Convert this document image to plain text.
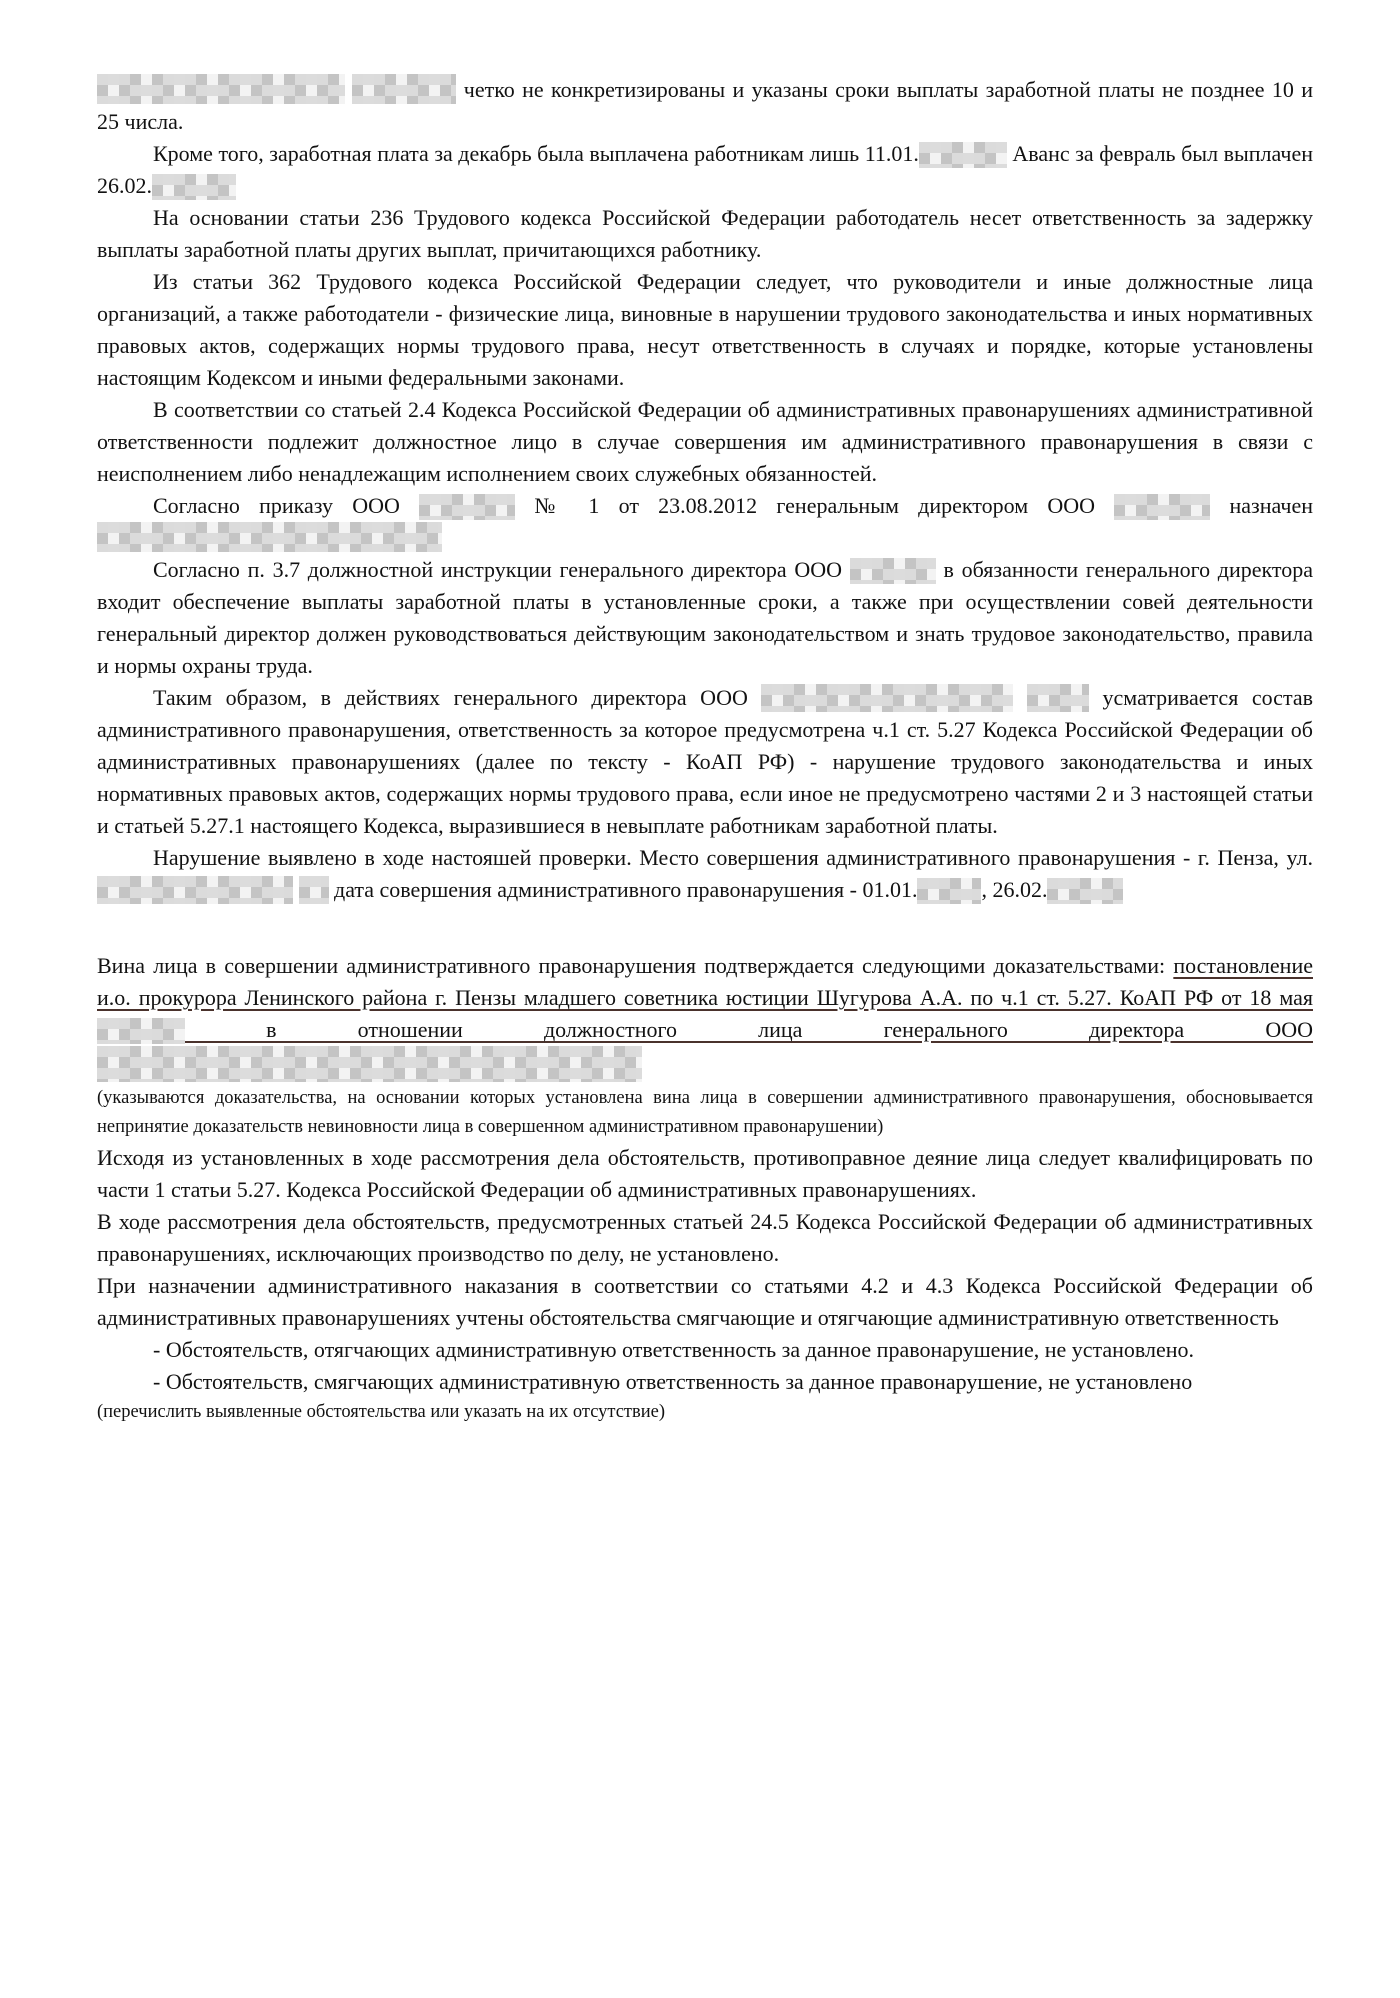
четко не конкретизированы и указаны сроки выплаты заработной платы не позднее 10 и 25 числа.

Кроме того, заработная плата за декабрь была выплачена работникам лишь 11.01.	Аванс за февраль был выплачен 26.02.

На основании статьи 236 Трудового кодекса Российской Федерации работодатель несет ответственность за задержку выплаты заработной платы других выплат, причитающихся работнику.

Из статьи 362 Трудового кодекса Российской Федерации следует, что руководители и иные должностные лица организаций, а также работодатели - физические лица, виновные в нарушении трудового законодательства и иных нормативных правовых актов, содержащих нормы трудового права, несут ответственность в случаях и порядке, которые установлены настоящим Кодексом и иными федеральными законами.

В соответствии со статьей 2.4 Кодекса Российской Федерации об административных правонарушениях административной ответственности подлежит должностное лицо в случае совершения им административного правонарушения в связи с неисполнением либо ненадлежащим исполнением своих служебных обязанностей.

Согласно приказу ООО	№ 1 от 23.08.2012 генеральным директором ООО	назначен

Согласно п. 3.7 должностной инструкции генерального директора ООО	в обязанности генерального директора входит обеспечение выплаты заработной платы в установленные сроки, а также при осуществлении совей деятельности генеральный директор должен руководствоваться действующим законодательством и знать трудовое законодательство, правила и нормы охраны труда.

Таким образом, в действиях генерального директора ООО	усматривается состав административного правонарушения, ответственность за которое предусмотрена ч.1 ст. 5.27 Кодекса Российской Федерации об административных правонарушениях (далее по тексту - КоАП РФ) - нарушение трудового законодательства и иных нормативных правовых актов, содержащих нормы трудового права, если иное не предусмотрено частями 2 и 3 настоящей статьи и статьей 5.27.1 настоящего Кодекса, выразившиеся в невыплате работникам заработной платы.

Нарушение выявлено в ходе настояшей проверки. Место совершения административного правонарушения - г. Пенза, ул.   дата совершения административного правонарушения - 01.01.	, 26.02.

Вина лица в совершении административного правонарушения подтверждается следующими доказательствами: постановление и.о. прокурора Ленинского района г. Пензы младшего советника юстиции Шугурова А.А. по ч.1 ст. 5.27. КоАП РФ от 18 мая  в отношении должностного лица генерального директора ООО

(указываются доказательства, на основании которых установлена вина лица в совершении административного правонарушения, обосновывается непринятие доказательств невиновности лица в совершенном административном правонарушении)

Исходя из установленных в ходе рассмотрения дела обстоятельств, противоправное деяние лица следует квалифицировать по части 1 статьи 5.27. Кодекса Российской Федерации об административных правонарушениях.

В ходе рассмотрения дела обстоятельств, предусмотренных статьей 24.5 Кодекса Российской Федерации об административных правонарушениях, исключающих производство по делу, не установлено.

При назначении административного наказания в соответствии со статьями 4.2 и 4.3 Кодекса Российской Федерации об административных правонарушениях учтены обстоятельства смягчающие и отягчающие административную ответственность

- Обстоятельств, отягчающих административную ответственность за данное правонарушение, не установлено.

- Обстоятельств, смягчающих административную ответственность за данное правонарушение, не установлено

(перечислить выявленные обстоятельства или указать на их отсутствие)
